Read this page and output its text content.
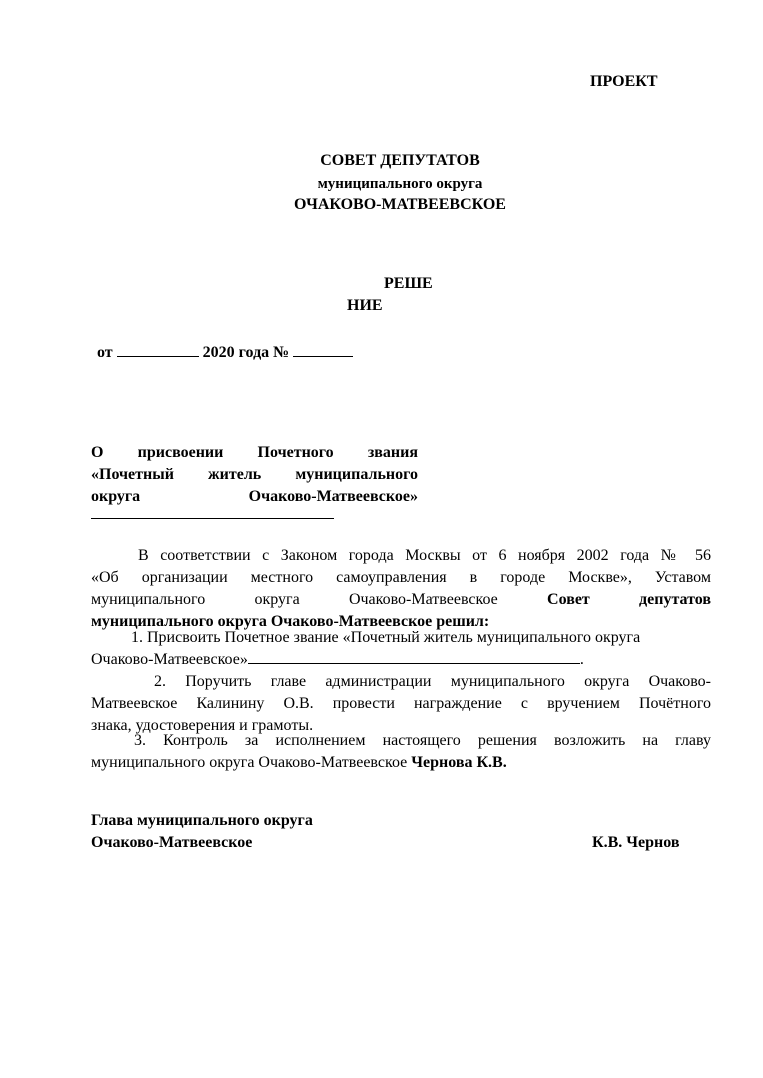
ПРОЕКТ
СОВЕТ ДЕПУТАТОВ
муниципального округа
ОЧАКОВО-МАТВЕЕВСКОЕ
РЕШЕ
НИЕ
от	2020 года №
О присвоении Почетного звания
«Почетный житель муниципального
округа Очаково-Матвеевское»
В соответствии с Законом города Москвы от 6 ноября 2002 года № 56
«Об организации местного самоуправления в городе Москве», Уставом
муниципального округа Очаково-Матвеевское	Совет депутатов
муниципального округа Очаково-Матвеевское решил:
1. Присвоить Почетное звание «Почетный житель муниципального округа
Очаково-Матвеевское»	.
2. Поручить главе администрации муниципального округа Очаково-
Матвеевское Калинину О.В. провести награждение с вручением Почётного
знака, удостоверения и грамоты.
3. Контроль за исполнением настоящего решения возложить на главу
муниципального округа Очаково-Матвеевское Чернова К.В.
Глава муниципального округа
Очаково-Матвеевское	К.В. Чернов
